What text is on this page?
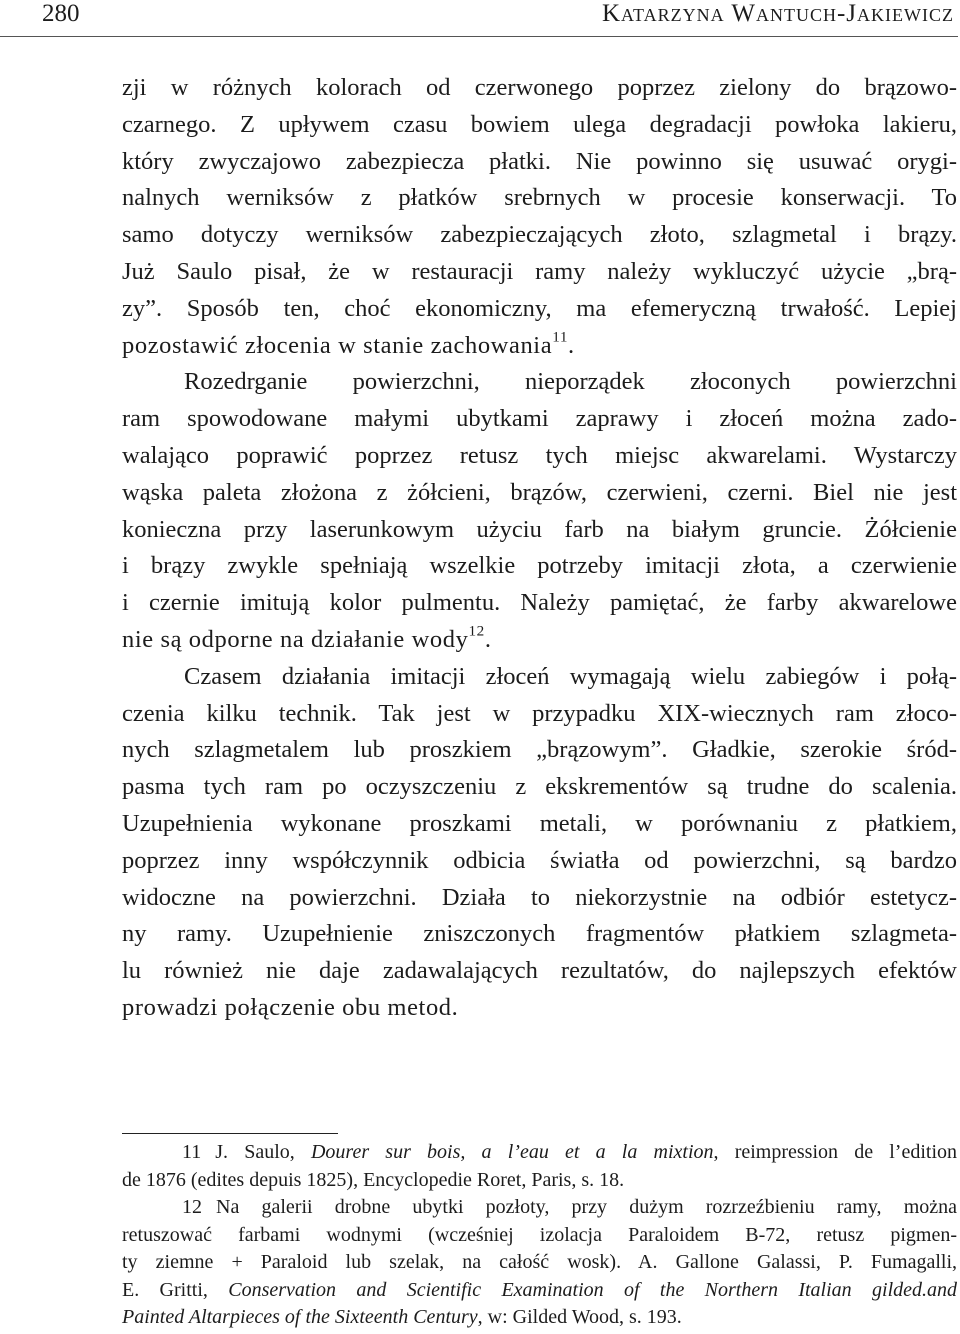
280	Katarzyna Wantuch-Jakiewicz
zji w różnych kolorach od czerwonego poprzez zielony do brązowo-
czarnego. Z upływem czasu bowiem ulega degradacji powłoka lakieru,
który zwyczajowo zabezpiecza płatki. Nie powinno się usuwać orygi-
nalnych werniksów z płatków srebrnych w procesie konserwacji. To
samo dotyczy werniksów zabezpieczających złoto, szlagmetal i brązy.
Już Saulo pisał, że w restauracji ramy należy wykluczyć użycie „brą-
zy”. Sposób ten, choć ekonomiczny, ma efemeryczną trwałość. Lepiej
pozostawić złocenia w stanie zachowania$^{11}$.
Rozedrganie powierzchni, nieporządek złoconych powierzchni
ram spowodowane małymi ubytkami zaprawy i złoceń można zado-
walająco poprawić poprzez retusz tych miejsc akwarelami. Wystarczy
wąska paleta złożona z żółcieni, brązów, czerwieni, czerni. Biel nie jest
konieczna przy laserunkowym użyciu farb na białym gruncie. Żółcienie
i brązy zwykle spełniają wszelkie potrzeby imitacji złota, a czerwienie
i czernie imitują kolor pulmentu. Należy pamiętać, że farby akwarelowe
nie są odporne na działanie wody$^{12}$.
Czasem działania imitacji złoceń wymagają wielu zabiegów i połą-
czenia kilku technik. Tak jest w przypadku XIX-wiecznych ram złoco-
nych szlagmetalem lub proszkiem „brązowym”. Gładkie, szerokie śród-
pasma tych ram po oczyszczeniu z ekskrementów są trudne do scalenia.
Uzupełnienia wykonane proszkami metali, w porównaniu z płatkiem,
poprzez inny współczynnik odbicia światła od powierzchni, są bardzo
widoczne na powierzchni. Działa to niekorzystnie na odbiór estetycz-
ny ramy. Uzupełnienie zniszczonych fragmentów płatkiem szlagmeta-
lu również nie daje zadawalających rezultatów, do najlepszych efektów
prowadzi połączenie obu metod.
11 J. Saulo, Dourer sur bois, a l’eau et a la mixtion, reimpression de l’edition
de 1876 (edites depuis 1825), Encyclopedie Roret, Paris, s. 18.
12 Na galerii drobne ubytki pozłoty, przy dużym rozrzeźbieniu ramy, można
retuszować farbami wodnymi (wcześniej izolacja Paraloidem B-72, retusz pigmen-
ty ziemne + Paraloid lub szelak, na całość wosk). A. Gallone Galassi, P. Fumagalli,
E. Gritti, Conservation and Scientific Examination of the Northern Italian gilded.and
Painted Altarpieces of the Sixteenth Century, w: Gilded Wood, s. 193.
